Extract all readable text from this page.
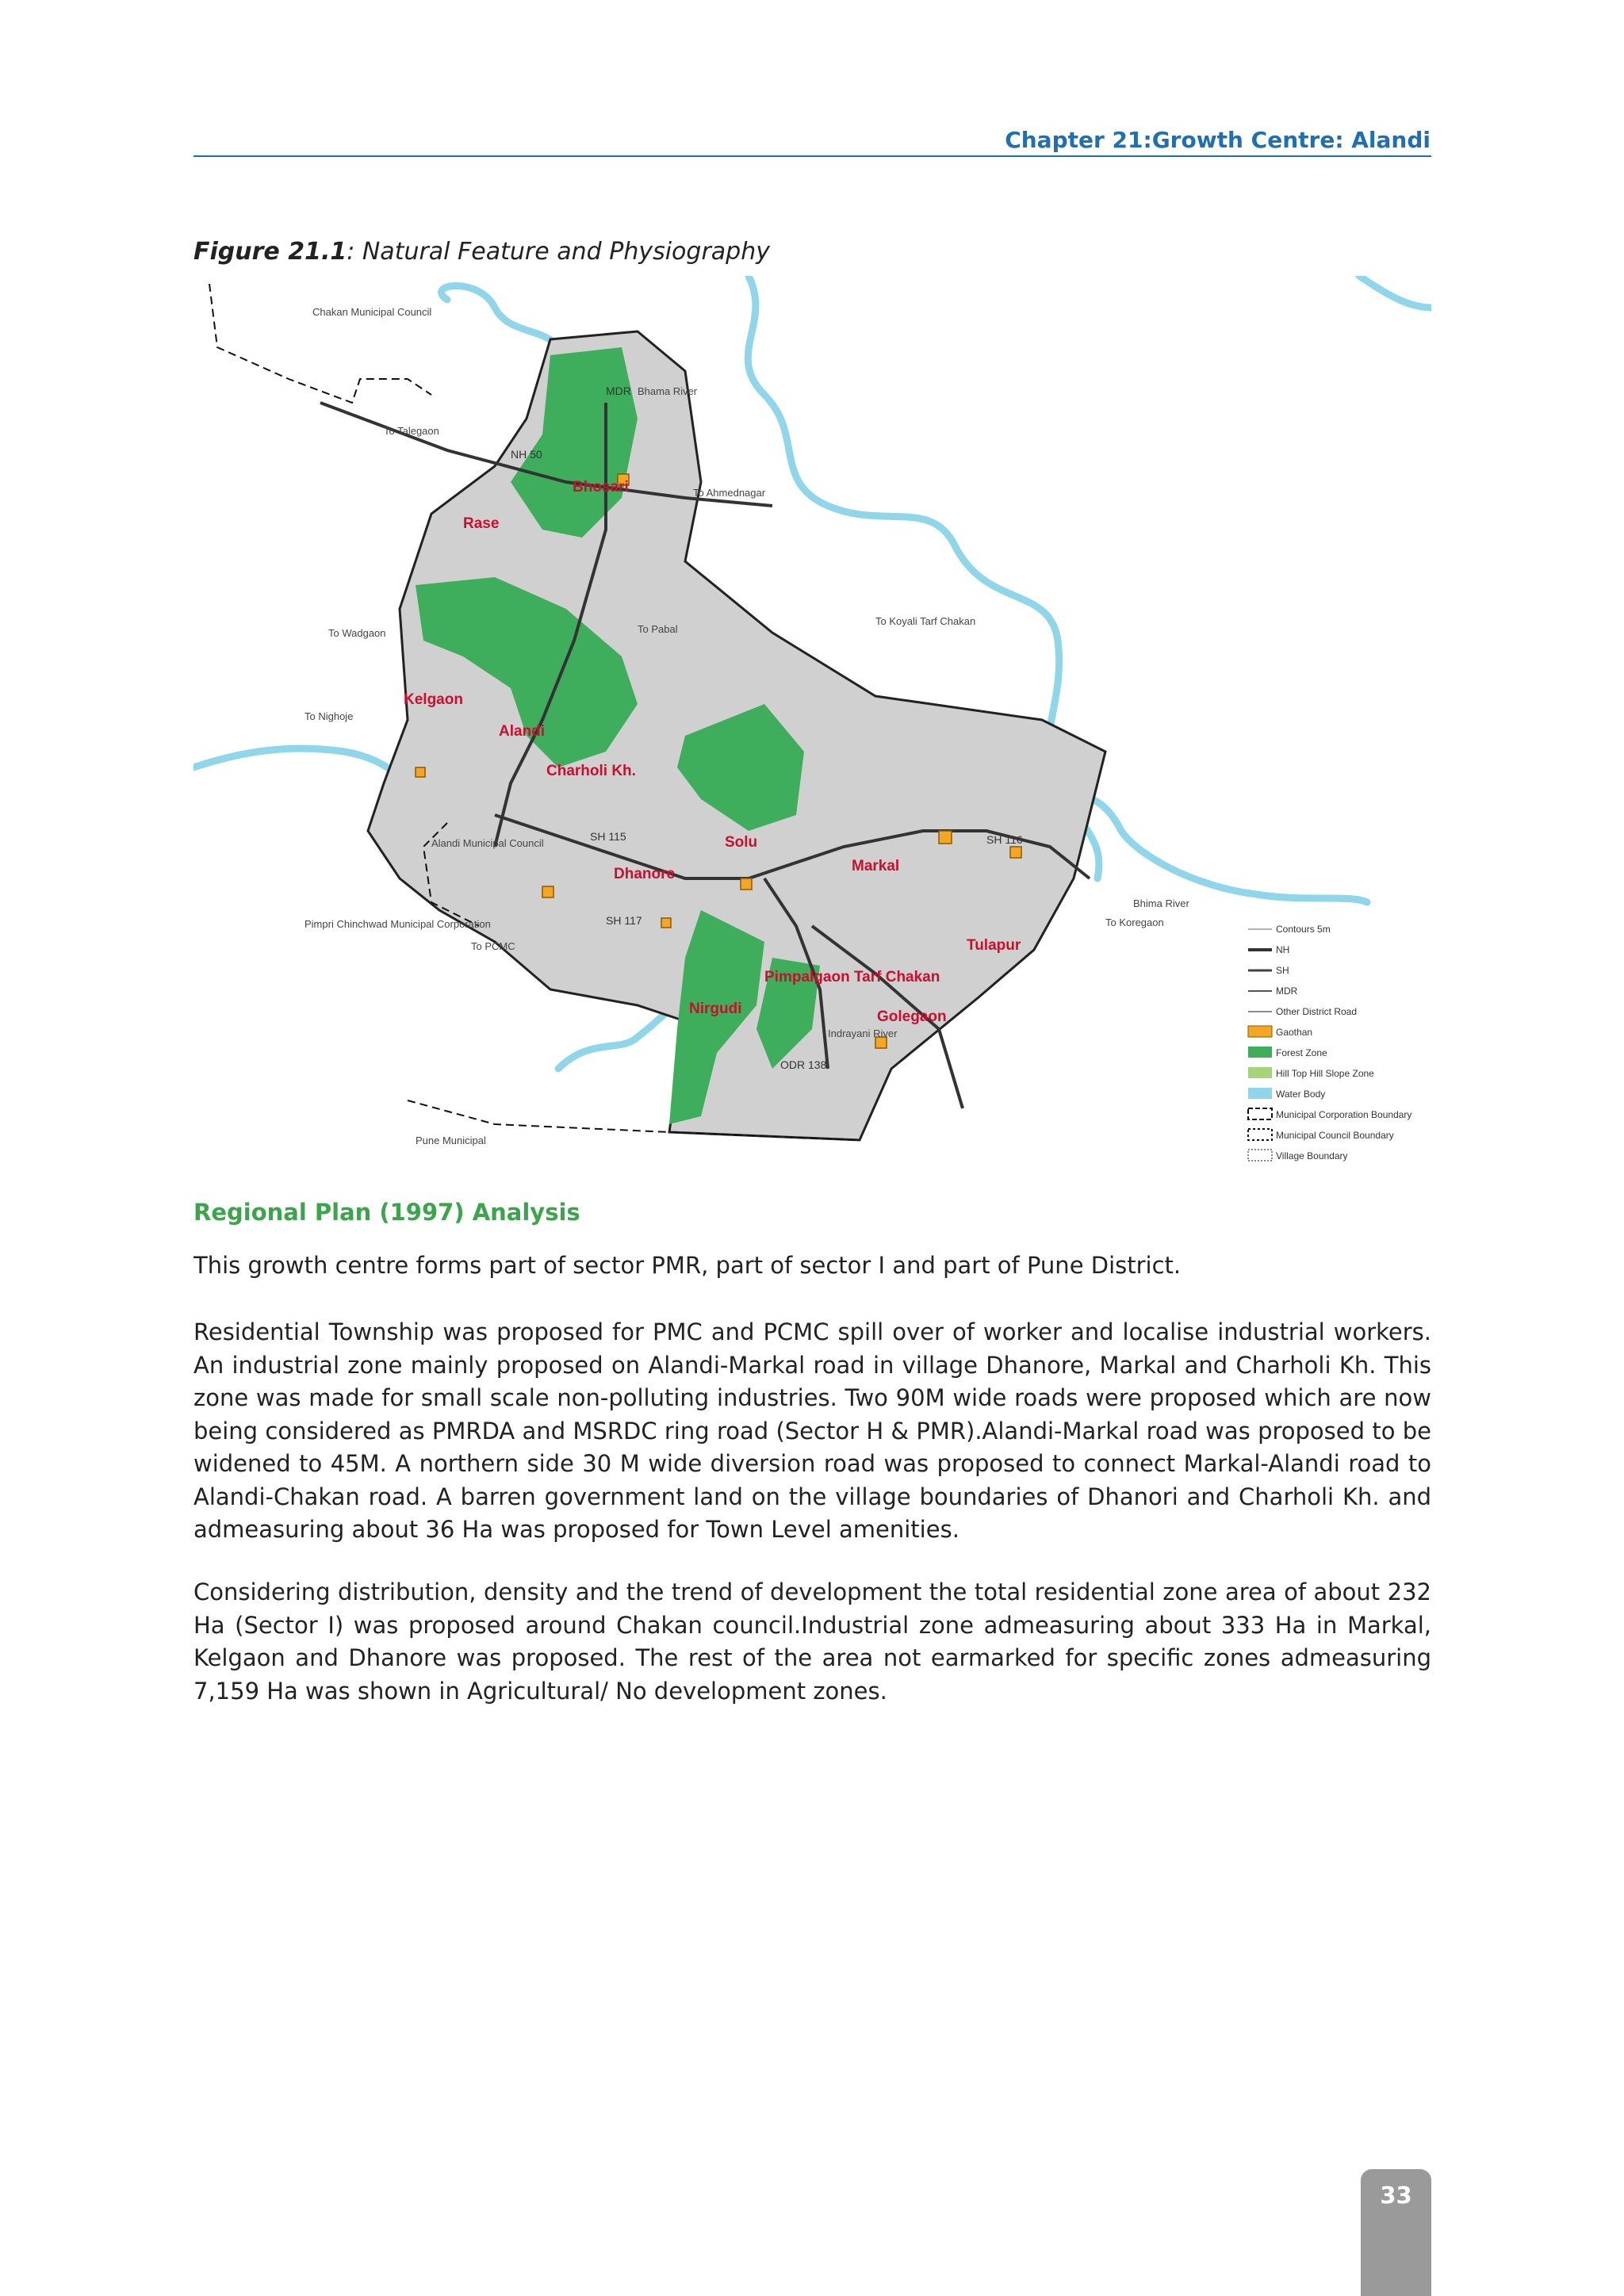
Chapter 21:Growth Centre: Alandi
Figure 21.1: Natural Feature and Physiography
Bhosari
Rase
Kelgaon
Alandi
Charholi Kh.
Solu
Dhanore	Markal
Tulapur
Pimpalgaon Tarf Chakan
Nirgudi	Golegaon
Chakan Municipal Council
Alandi Municipal Council
Pimpri Chinchwad Municipal Corporation
Pune Municipal
NH 50
MDR
SH 116
ODR 138
SH 115
SH 117
To Talegaon
To Ahmednagar
To Wadgaon
To Nighoje
To Pabal
To Koyali Tarf Chakan
To Koregaon
To PCMC
Bhama River
Bhima River
Indrayani River
Contours 5m
NH
SH
MDR
Other District Road
Gaothan
Forest Zone
Hill Top Hill Slope Zone
Water Body
Municipal Corporation Boundary
Municipal Council Boundary
Village Boundary
Regional Plan (1997) Analysis

This growth centre forms part of sector PMR, part of sector I and part of Pune District.

Residential Township was proposed for PMC and PCMC spill over of worker and localise industrial workers. An industrial zone mainly proposed on Alandi-Markal road in village Dhanore, Markal and Charholi Kh. This zone was made for small scale non-polluting industries. Two 90M wide roads were proposed which are now being considered as PMRDA and MSRDC ring road (Sector H & PMR).Alandi-Markal road was proposed to be widened to 45M. A northern side 30 M wide diversion road was proposed to connect Markal-Alandi road to Alandi-Chakan road. A barren government land on the village boundaries of Dhanori and Charholi Kh. and admeasuring about 36 Ha was proposed for Town Level amenities.

Considering distribution, density and the trend of development the total residential zone area of about 232 Ha (Sector I) was proposed around Chakan council.Industrial zone admeasuring about 333 Ha in Markal, Kelgaon and Dhanore was proposed. The rest of the area not earmarked for specific zones admeasuring 7,159 Ha was shown in Agricultural/ No development zones.

33
